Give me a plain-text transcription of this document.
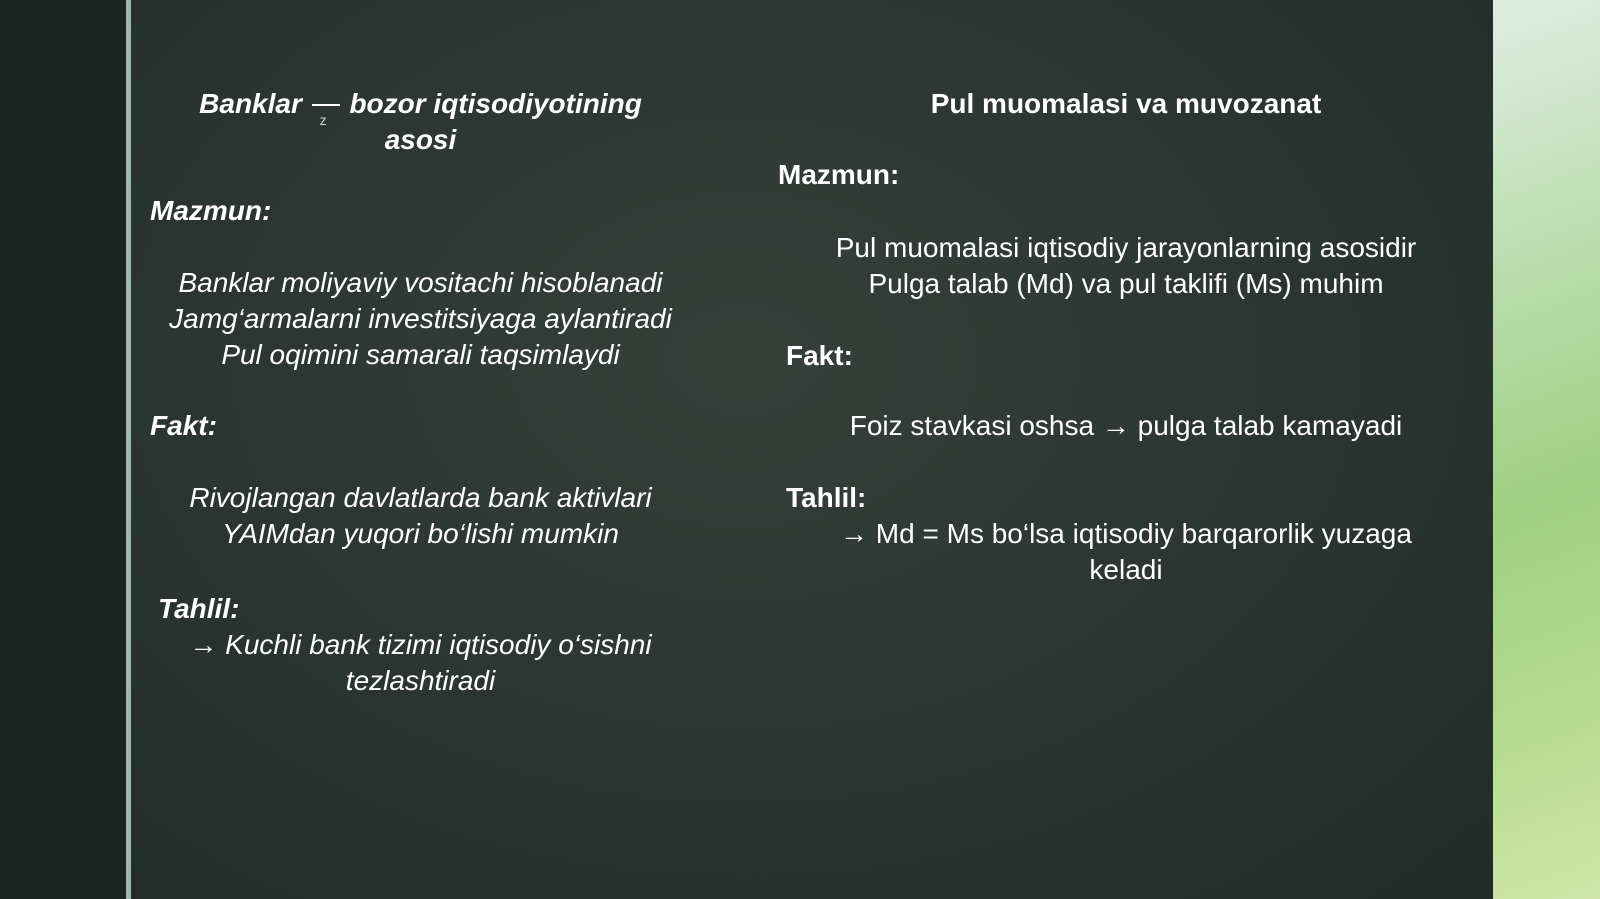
Banklar z bozor iqtisodiyotining
asosi
Mazmun:
Banklar moliyaviy vositachi hisoblanadi
Jamg‘armalarni investitsiyaga aylantiradi
Pul oqimini samarali taqsimlaydi
Fakt:
Rivojlangan davlatlarda bank aktivlari
YAIMdan yuqori bo‘lishi mumkin
Tahlil:
→ Kuchli bank tizimi iqtisodiy o‘sishni
tezlashtiradi
Pul muomalasi va muvozanat
Mazmun:
Pul muomalasi iqtisodiy jarayonlarning asosidir
Pulga talab (Md) va pul taklifi (Ms) muhim
Fakt:
Foiz stavkasi oshsa → pulga talab kamayadi
Tahlil:
→ Md = Ms bo‘lsa iqtisodiy barqarorlik yuzaga
keladi
